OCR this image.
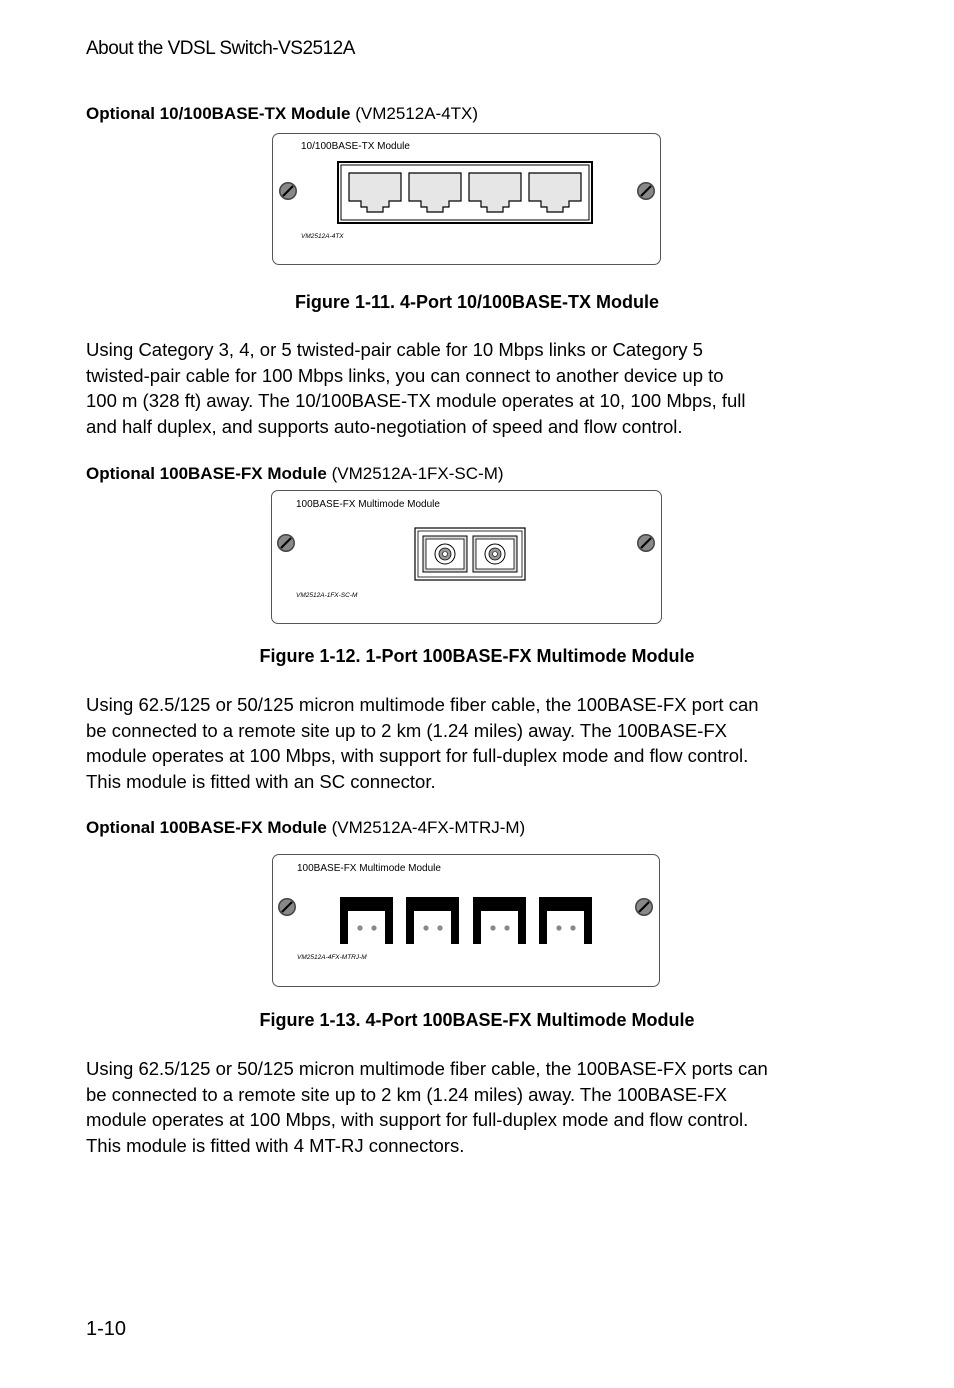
About the VDSL Switch-VS2512A
Optional 10/100BASE-TX Module (VM2512A-4TX)
10/100BASE-TX Module
VM2512A-4TX
Figure 1-11. 4-Port 10/100BASE-TX Module
Using Category 3, 4, or 5 twisted-pair cable for 10 Mbps links or Category 5
twisted-pair cable for 100 Mbps links, you can connect to another device up to
100 m (328 ft) away. The 10/100BASE-TX module operates at 10, 100 Mbps, full
and half duplex, and supports auto-negotiation of speed and flow control.
Optional 100BASE-FX Module (VM2512A-1FX-SC-M)
100BASE-FX Multimode Module
VM2512A-1FX-SC-M
Figure 1-12. 1-Port 100BASE-FX Multimode Module
Using 62.5/125 or 50/125 micron multimode fiber cable, the 100BASE-FX port can
be connected to a remote site up to 2 km (1.24 miles) away. The 100BASE-FX
module operates at 100 Mbps, with support for full-duplex mode and flow control.
This module is fitted with an SC connector.
Optional 100BASE-FX Module (VM2512A-4FX-MTRJ-M)
100BASE-FX Multimode Module
VM2512A-4FX-MTRJ-M
Figure 1-13. 4-Port 100BASE-FX Multimode Module
Using 62.5/125 or 50/125 micron multimode fiber cable, the 100BASE-FX ports can
be connected to a remote site up to 2 km (1.24 miles) away. The 100BASE-FX
module operates at 100 Mbps, with support for full-duplex mode and flow control.
This module is fitted with 4 MT-RJ connectors.
1-10
